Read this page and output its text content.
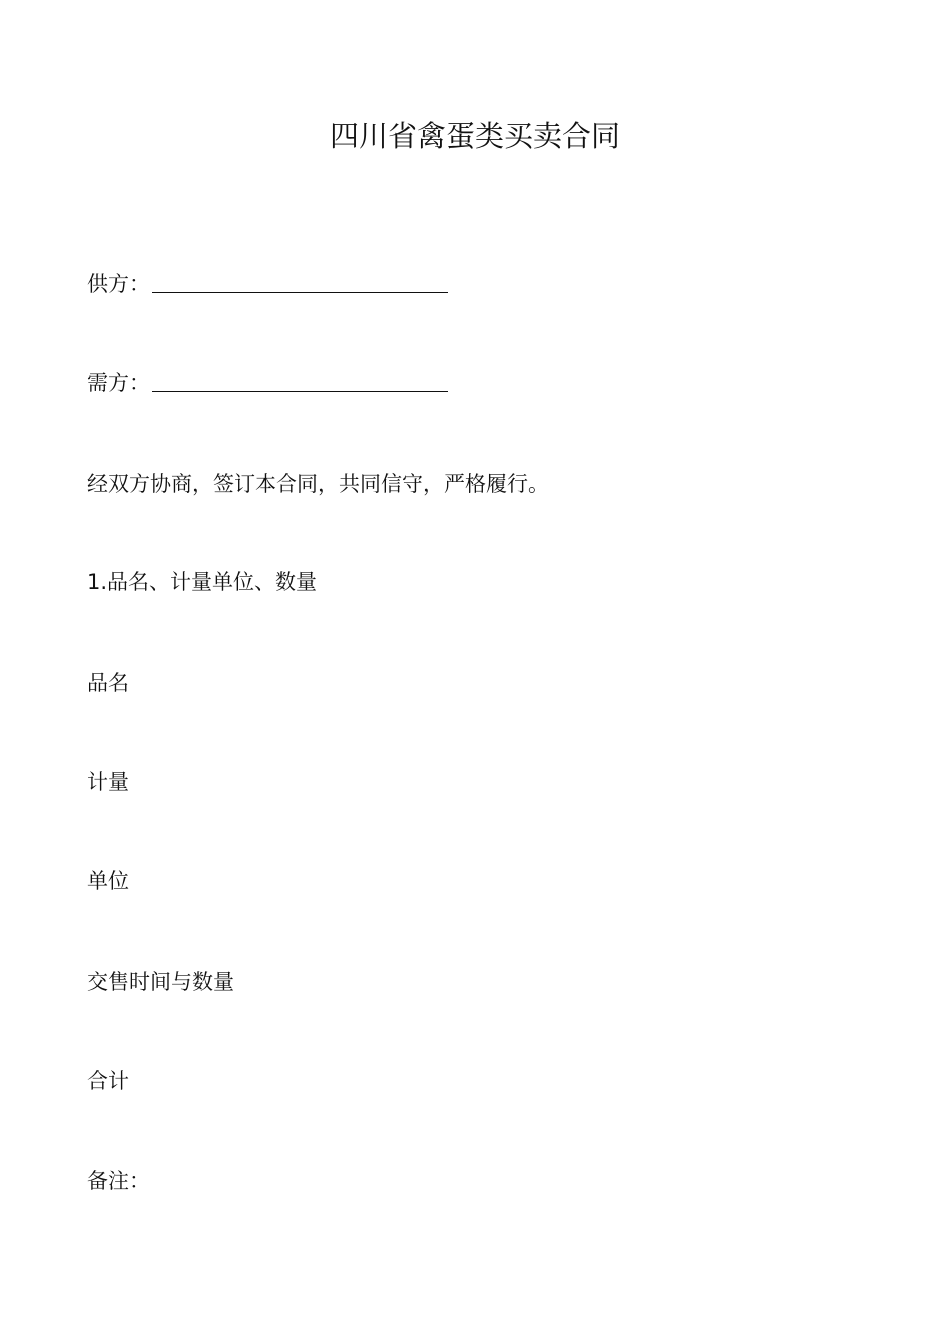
四川省禽蛋类买卖合同
供方：
需方：
经双方协商，签订本合同，共同信守，严格履行。
1.品名、计量单位、数量
品名
计量
单位
交售时间与数量
合计
备注：
